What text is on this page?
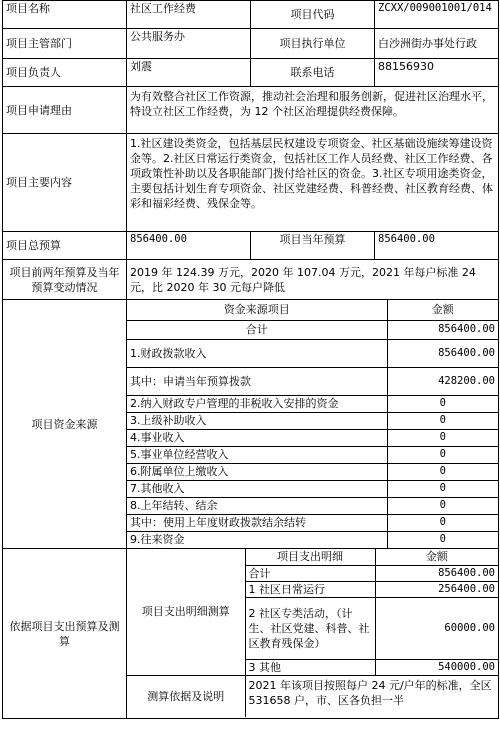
项目名称	社区工作经费	项目代码	ZCXX/009001001/014
项目主管部门	公共服务办	项目执行单位	白沙洲街办事处行政
项目负责人	刘震	联系电话	88156930
项目申请理由	为有效整合社区工作资源，推动社会治理和服务创新，促进社区治理水平，特设立社区工作经费，为 12 个社区治理提供经费保障。
项目主要内容	1.社区建设类资金，包括基层民权建设专项资金、社区基础设施续筹建设资金等。2.社区日常运行类资金，包括社区工作人员经费、社区工作经费、各项政策性补助以及各职能部门拨付给社区的资金。3.社区专项用途类资金，主要包括计划生育专项资金、社区党建经费、科普经费、社区教育经费、体彩和福彩经费、残保金等。
项目总预算	856400.00	项目当年预算	856400.00
项目前两年预算及当年预算变动情况	2019 年 124.39 万元，2020 年 107.04 万元，2021 年每户标准 24 元，比 2020 年 30 元每户降低
项目资金来源	
资金来源项目	金额
合计	856400.00
1.财政拨款收入	856400.00
其中：申请当年预算拨款	428200.00
2.纳入财政专户管理的非税收入安排的资金	0
3.上级补助收入	0
4.事业收入	0
5.事业单位经营收入	0
6.附属单位上缴收入	0
7.其他收入	0
8.上年结转、结余	0
其中：使用上年度财政拨款结余结转	0
9.往来资金	0

依据项目支出预算及测算	
项目支出明细测算	项目支出明细	金额
合计	856400.00
1 社区日常运行	256400.00
2 社区专类活动，（计生、社区党建、科普、社区教育残保金）	60000.00
3 其他	540000.00
测算依据及说明	2021 年该项目按照每户 24 元/户年的标准，全区 531658 户，市、区各负担一半
